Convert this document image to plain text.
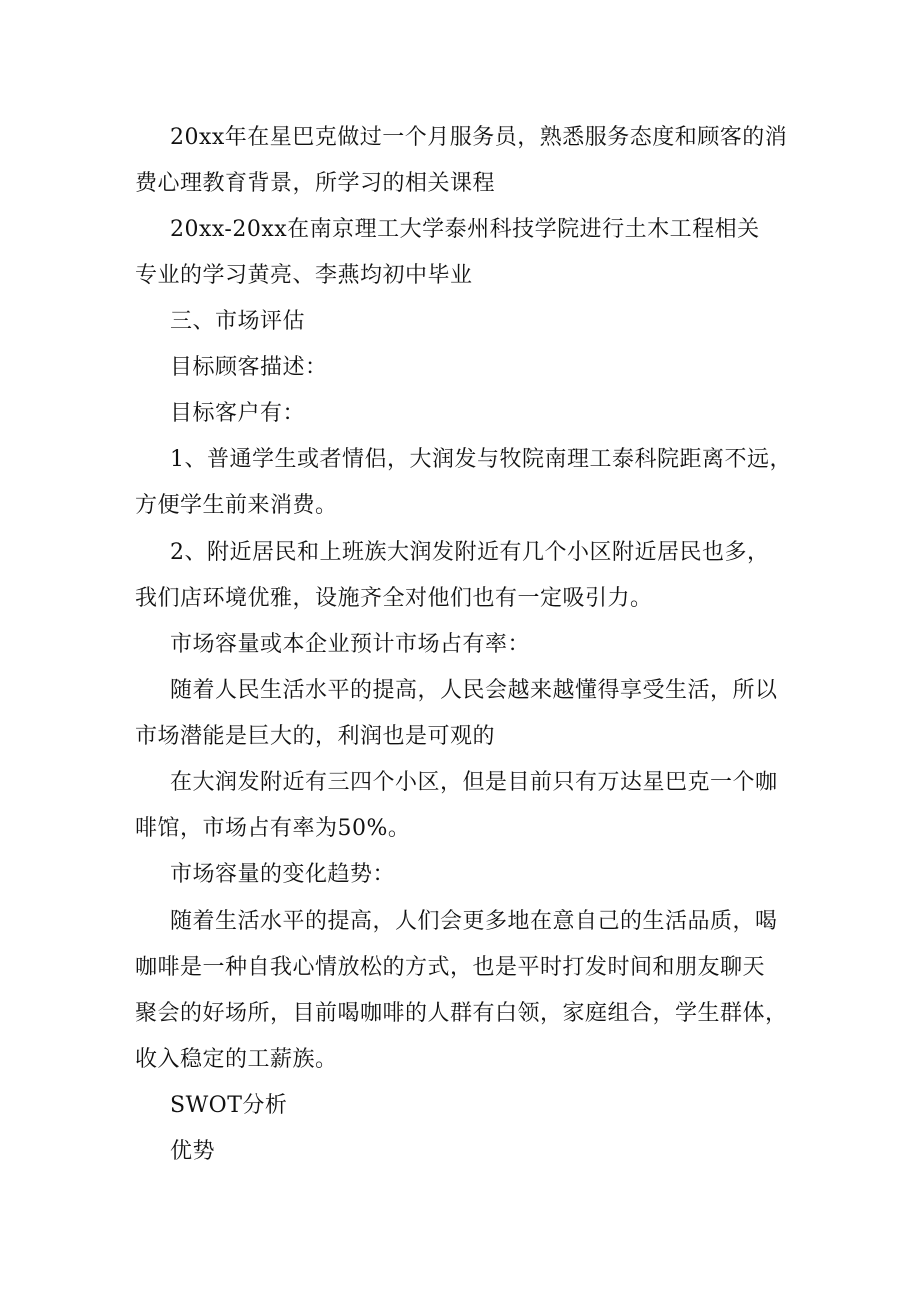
20xx年在星巴克做过一个月服务员，熟悉服务态度和顾客的消
费心理教育背景，所学习的相关课程
20xx-20xx在南京理工大学泰州科技学院进行土木工程相关
专业的学习黄亮、李燕均初中毕业
三、市场评估
目标顾客描述：
目标客户有：
1、普通学生或者情侣，大润发与牧院南理工泰科院距离不远，
方便学生前来消费。
2、附近居民和上班族大润发附近有几个小区附近居民也多，
我们店环境优雅，设施齐全对他们也有一定吸引力。
市场容量或本企业预计市场占有率：
随着人民生活水平的提高，人民会越来越懂得享受生活，所以
市场潜能是巨大的，利润也是可观的
在大润发附近有三四个小区，但是目前只有万达星巴克一个咖
啡馆，市场占有率为50%。
市场容量的变化趋势：
随着生活水平的提高，人们会更多地在意自己的生活品质，喝
咖啡是一种自我心情放松的方式，也是平时打发时间和朋友聊天
聚会的好场所，目前喝咖啡的人群有白领，家庭组合，学生群体，
收入稳定的工薪族。
SWOT分析
优势
